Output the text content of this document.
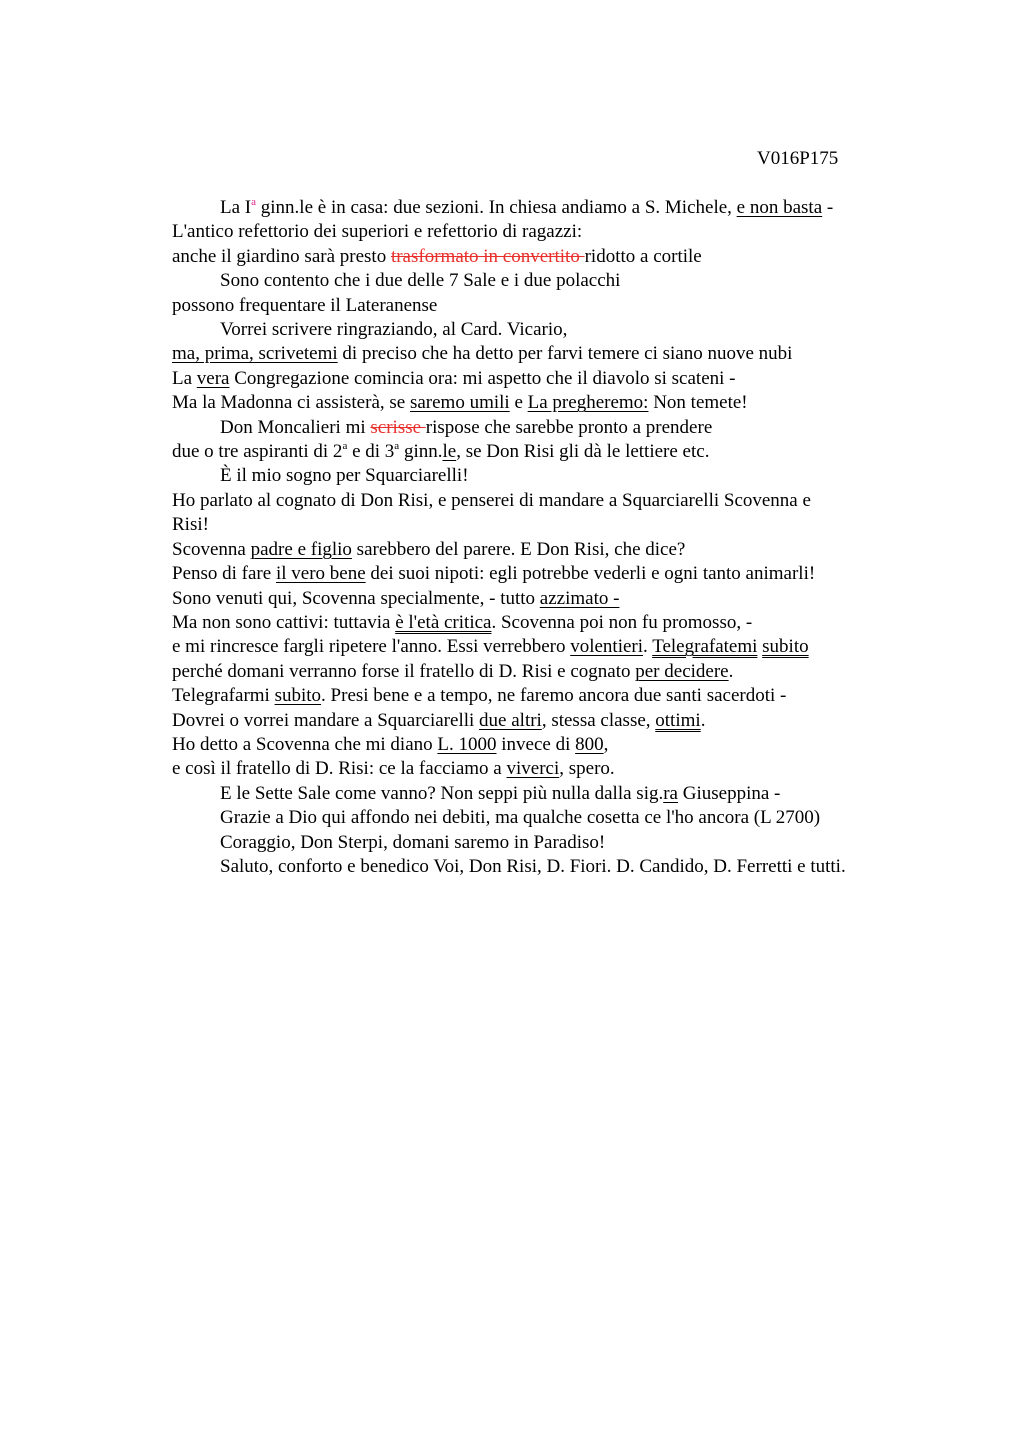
V016P175
La $I^a$ ginn.le è in casa: due sezioni. In chiesa andiamo a S. Michele, e non basta -
L'antico refettorio dei superiori e refettorio di ragazzi:
anche il giardino sarà presto trasformato in convertito ridotto a cortile
Sono contento che i due delle 7 Sale e i due polacchi
possono frequentare il Lateranense
Vorrei scrivere ringraziando, al Card. Vicario,
ma, prima, scrivetemi di preciso che ha detto per farvi temere ci siano nuove nubi
La vera Congregazione comincia ora: mi aspetto che il diavolo si scateni -
Ma la Madonna ci assisterà, se saremo umili e La pregheremo: Non temete!
Don Moncalieri mi scrisse rispose che sarebbe pronto a prendere
due o tre aspiranti di 2$^a$ e di 3$^a$ ginn.le, se Don Risi gli dà le lettiere etc.
È il mio sogno per Squarciarelli!
Ho parlato al cognato di Don Risi, e penserei di mandare a Squarciarelli Scovenna e
Risi!
Scovenna padre e figlio sarebbero del parere. E Don Risi, che dice?
Penso di fare il vero bene dei suoi nipoti: egli potrebbe vederli e ogni tanto animarli!
Sono venuti qui, Scovenna specialmente, - tutto azzimato -
Ma non sono cattivi: tuttavia è l'età critica. Scovenna poi non fu promosso, -
e mi rincresce fargli ripetere l'anno. Essi verrebbero volentieri. Telegrafatemi subito
perché domani verranno forse il fratello di D. Risi e cognato per decidere.
Telegrafarmi subito. Presi bene e a tempo, ne faremo ancora due santi sacerdoti -
Dovrei o vorrei mandare a Squarciarelli due altri, stessa classe, ottimi.
Ho detto a Scovenna che mi diano L. 1000 invece di 800,
e così il fratello di D. Risi: ce la facciamo a viverci, spero.
E le Sette Sale come vanno? Non seppi più nulla dalla sig.ra Giuseppina -
Grazie a Dio qui affondo nei debiti, ma qualche cosetta ce l'ho ancora (L 2700)
Coraggio, Don Sterpi, domani saremo in Paradiso!
Saluto, conforto e benedico Voi, Don Risi, D. Fiori. D. Candido, D. Ferretti e tutti.
